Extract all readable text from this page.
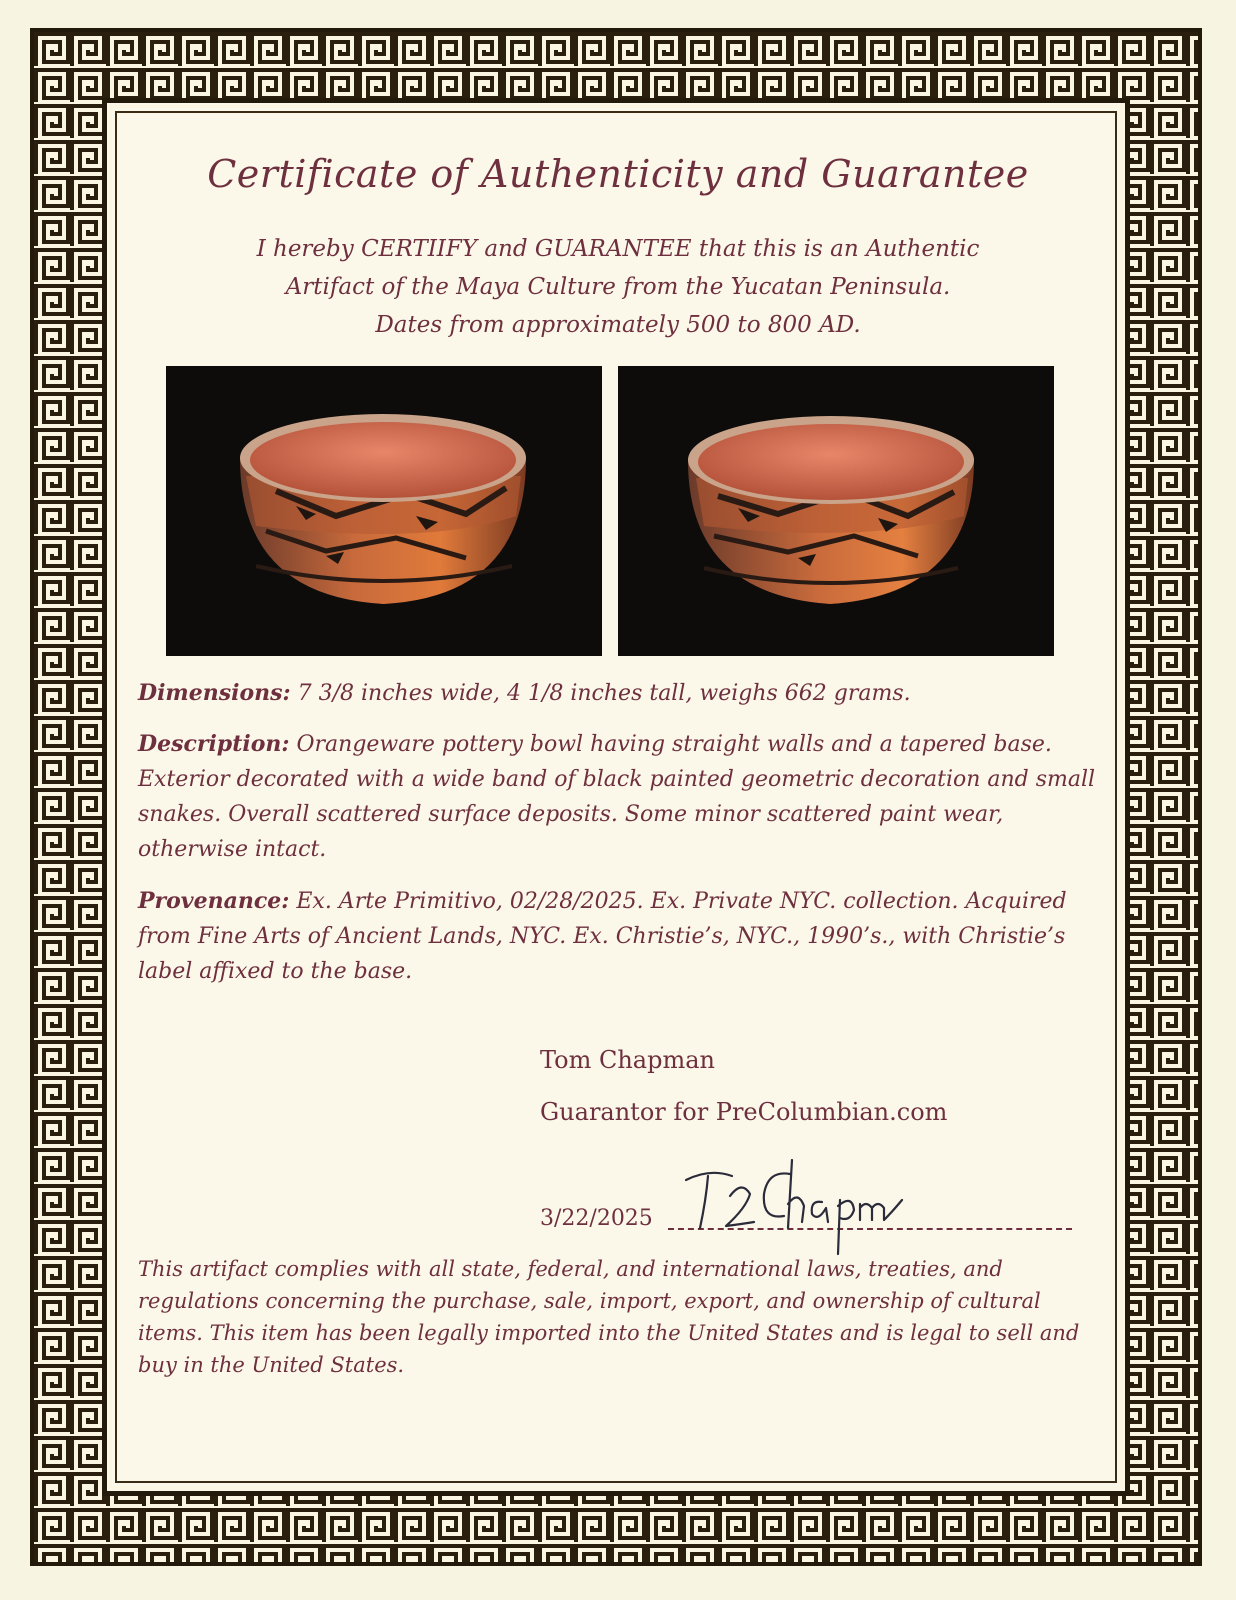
Certificate of Authenticity and Guarantee
I hereby CERTIIFY and GUARANTEE that this is an Authentic
Artifact of the Maya Culture from the Yucatan Peninsula.
Dates from approximately 500 to 800 AD.
Dimensions: 7 3/8 inches wide, 4 1/8 inches tall, weighs 662 grams.
Description: Orangeware pottery bowl having straight walls and a tapered base. Exterior decorated with a wide band of black painted geometric decoration and small snakes. Overall scattered surface deposits. Some minor scattered paint wear, otherwise intact.
Provenance: Ex. Arte Primitivo, 02/28/2025. Ex. Private NYC. collection. Acquired from Fine Arts of Ancient Lands, NYC. Ex. Christie’s, NYC., 1990’s., with Christie’s label affixed to the base.
Tom Chapman
Guarantor for PreColumbian.com
3/22/2025
This artifact complies with all state, federal, and international laws, treaties, and regulations concerning the purchase, sale, import, export, and ownership of cultural items. This item has been legally imported into the United States and is legal to sell and buy in the United States.
